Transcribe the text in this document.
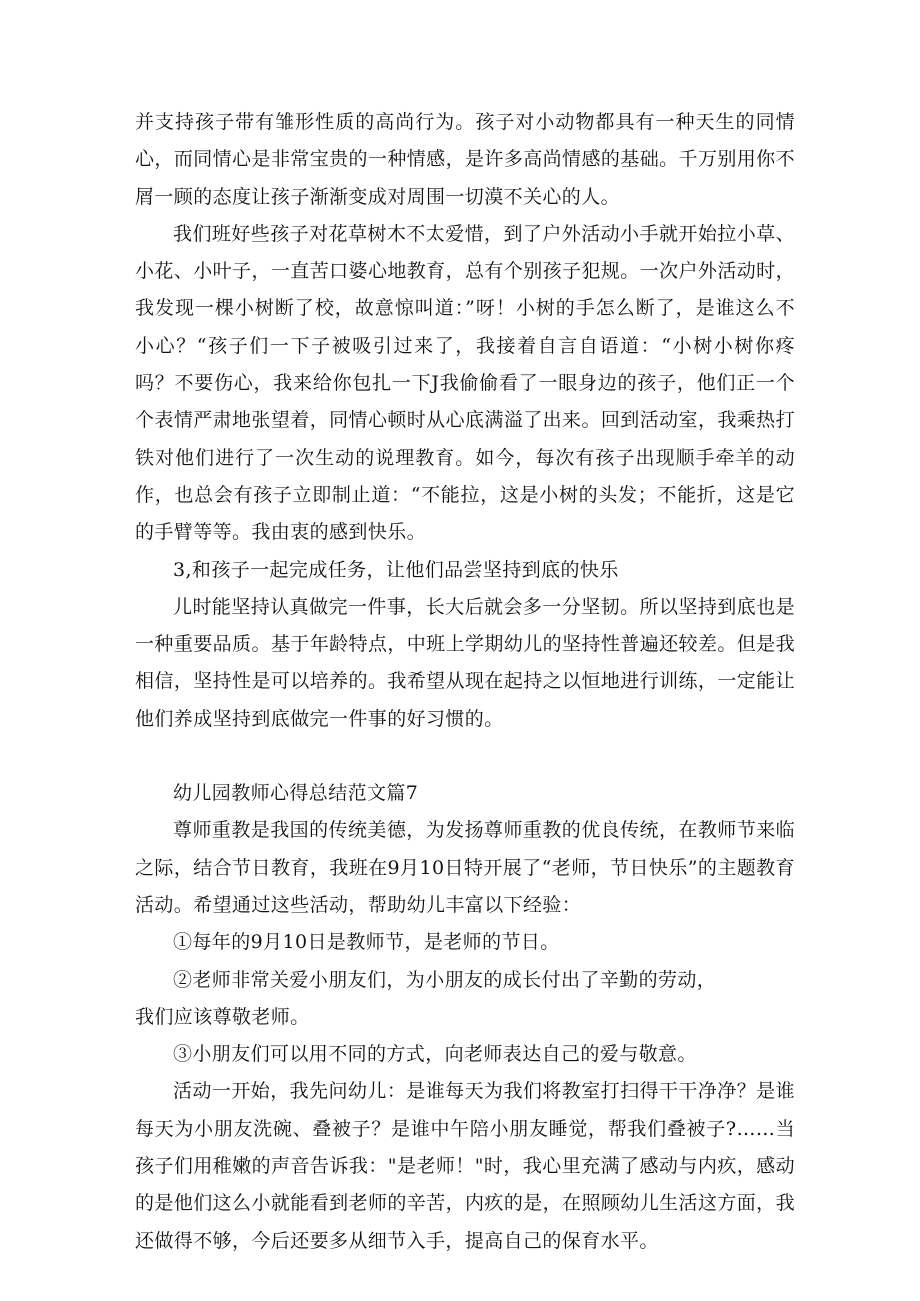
并支持孩子带有雏形性质的高尚行为。孩子对小动物都具有一种天生的同情心，而同情心是非常宝贵的一种情感，是许多高尚情感的基础。千万别用你不屑一顾的态度让孩子渐渐变成对周围一切漠不关心的人。

我们班好些孩子对花草树木不太爱惜，到了户外活动小手就开始拉小草、小花、小叶子，一直苦口婆心地教育，总有个别孩子犯规。一次户外活动时，我发现一棵小树断了校，故意惊叫道：”呀！小树的手怎么断了，是谁这么不小心？“孩子们一下子被吸引过来了，我接着自言自语道：“小树小树你疼吗？不要伤心，我来给你包扎一下J我偷偷看了一眼身边的孩子，他们正一个个表情严肃地张望着，同情心顿时从心底满溢了出来。回到活动室，我乘热打铁对他们进行了一次生动的说理教育。如今，每次有孩子出现顺手牵羊的动作，也总会有孩子立即制止道：“不能拉，这是小树的头发；不能折，这是它的手臂等等。我由衷的感到快乐。

3,和孩子一起完成任务，让他们品尝坚持到底的快乐

儿时能坚持认真做完一件事，长大后就会多一分坚韧。所以坚持到底也是一种重要品质。基于年龄特点，中班上学期幼儿的坚持性普遍还较差。但是我相信，坚持性是可以培养的。我希望从现在起持之以恒地进行训练，一定能让他们养成坚持到底做完一件事的好习惯的。

幼儿园教师心得总结范文篇7

尊师重教是我国的传统美德，为发扬尊师重教的优良传统，在教师节来临之际，结合节日教育，我班在9月10日特开展了“老师，节日快乐”的主题教育活动。希望通过这些活动，帮助幼儿丰富以下经验：

①每年的9月10日是教师节，是老师的节日。

②老师非常关爱小朋友们，为小朋友的成长付出了辛勤的劳动，

我们应该尊敬老师。

③小朋友们可以用不同的方式，向老师表达自己的爱与敬意。

活动一开始，我先问幼儿：是谁每天为我们将教室打扫得干干净净？是谁每天为小朋友洗碗、叠被子？是谁中午陪小朋友睡觉，帮我们叠被子?……当孩子们用稚嫩的声音告诉我："是老师！"时，我心里充满了感动与内疚，感动的是他们这么小就能看到老师的辛苦，内疚的是，在照顾幼儿生活这方面，我还做得不够，今后还要多从细节入手，提高自己的保育水平。
